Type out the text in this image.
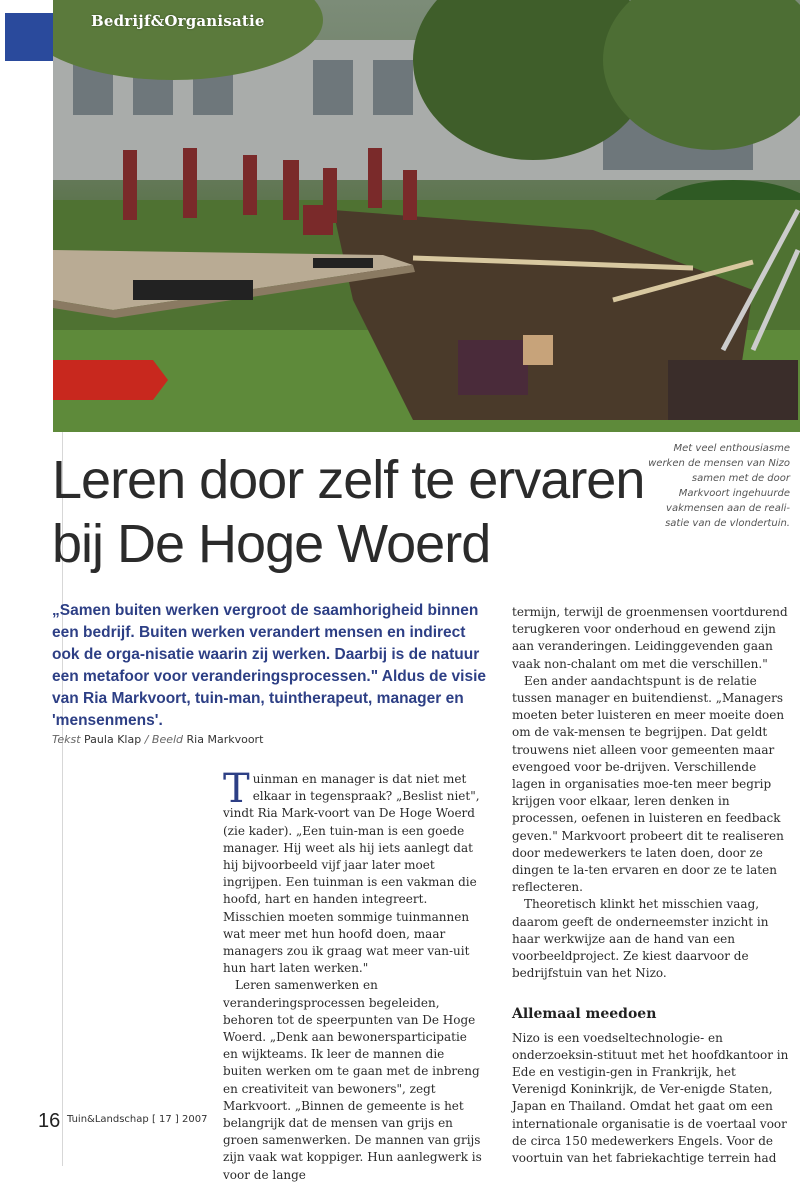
Bedrijf&Organisatie
Met veel enthousiasme werken de mensen van Nizo samen met de door Markvoort ingehuurde vakmensen aan de reali-satie van de vlondertuin.
Leren door zelf te ervaren
bij De Hoge Woerd
„Samen buiten werken vergroot de saamhorigheid binnen een bedrijf. Buiten werken verandert mensen en indirect ook de orga-nisatie waarin zij werken. Daarbij is de natuur een metafoor voor veranderingsprocessen." Aldus de visie van Ria Markvoort, tuin-man, tuintherapeut, manager en 'mensenmens'.
Tekst Paula Klap / Beeld Ria Markvoort

Tuinman en manager is dat niet met elkaar in tegenspraak? „Beslist niet", vindt Ria Mark-voort van De Hoge Woerd (zie kader). „Een tuin-man is een goede manager. Hij weet als hij iets aanlegt dat hij bijvoorbeeld vijf jaar later moet ingrijpen. Een tuinman is een vakman die hoofd, hart en handen integreert. Misschien moeten sommige tuinmannen wat meer met hun hoofd doen, maar managers zou ik graag wat meer van-uit hun hart laten werken."

Leren samenwerken en veranderingsprocessen begeleiden, behoren tot de speerpunten van De Hoge Woerd. „Denk aan bewonersparticipatie en wijkteams. Ik leer de mannen die buiten werken om te gaan met de inbreng en creativiteit van bewoners", zegt Markvoort. „Binnen de gemeente is het belangrijk dat de mensen van grijs en groen samenwerken. De mannen van grijs zijn vaak wat koppiger. Hun aanlegwerk is voor de lange

termijn, terwijl de groenmensen voortdurend terugkeren voor onderhoud en gewend zijn aan veranderingen. Leidinggevenden gaan vaak non-chalant om met die verschillen."

Een ander aandachtspunt is de relatie tussen manager en buitendienst. „Managers moeten beter luisteren en meer moeite doen om de vak-mensen te begrijpen. Dat geldt trouwens niet alleen voor gemeenten maar evengoed voor be-drijven. Verschillende lagen in organisaties moe-ten meer begrip krijgen voor elkaar, leren denken in processen, oefenen in luisteren en feedback geven." Markvoort probeert dit te realiseren door medewerkers te laten doen, door ze dingen te la-ten ervaren en door ze te laten reflecteren.

Theoretisch klinkt het misschien vaag, daarom geeft de onderneemster inzicht in haar werkwijze aan de hand van een voorbeeldproject. Ze kiest daarvoor de bedrijfstuin van het Nizo.

Allemaal meedoen

Nizo is een voedseltechnologie- en onderzoeksin-stituut met het hoofdkantoor in Ede en vestigin-gen in Frankrijk, het Verenigd Koninkrijk, de Ver-enigde Staten, Japan en Thailand. Omdat het gaat om een internationale organisatie is de voertaal voor de circa 150 medewerkers Engels. Voor de voortuin van het fabriekachtige terrein had

16 Tuin&Landschap [ 17 ] 2007
